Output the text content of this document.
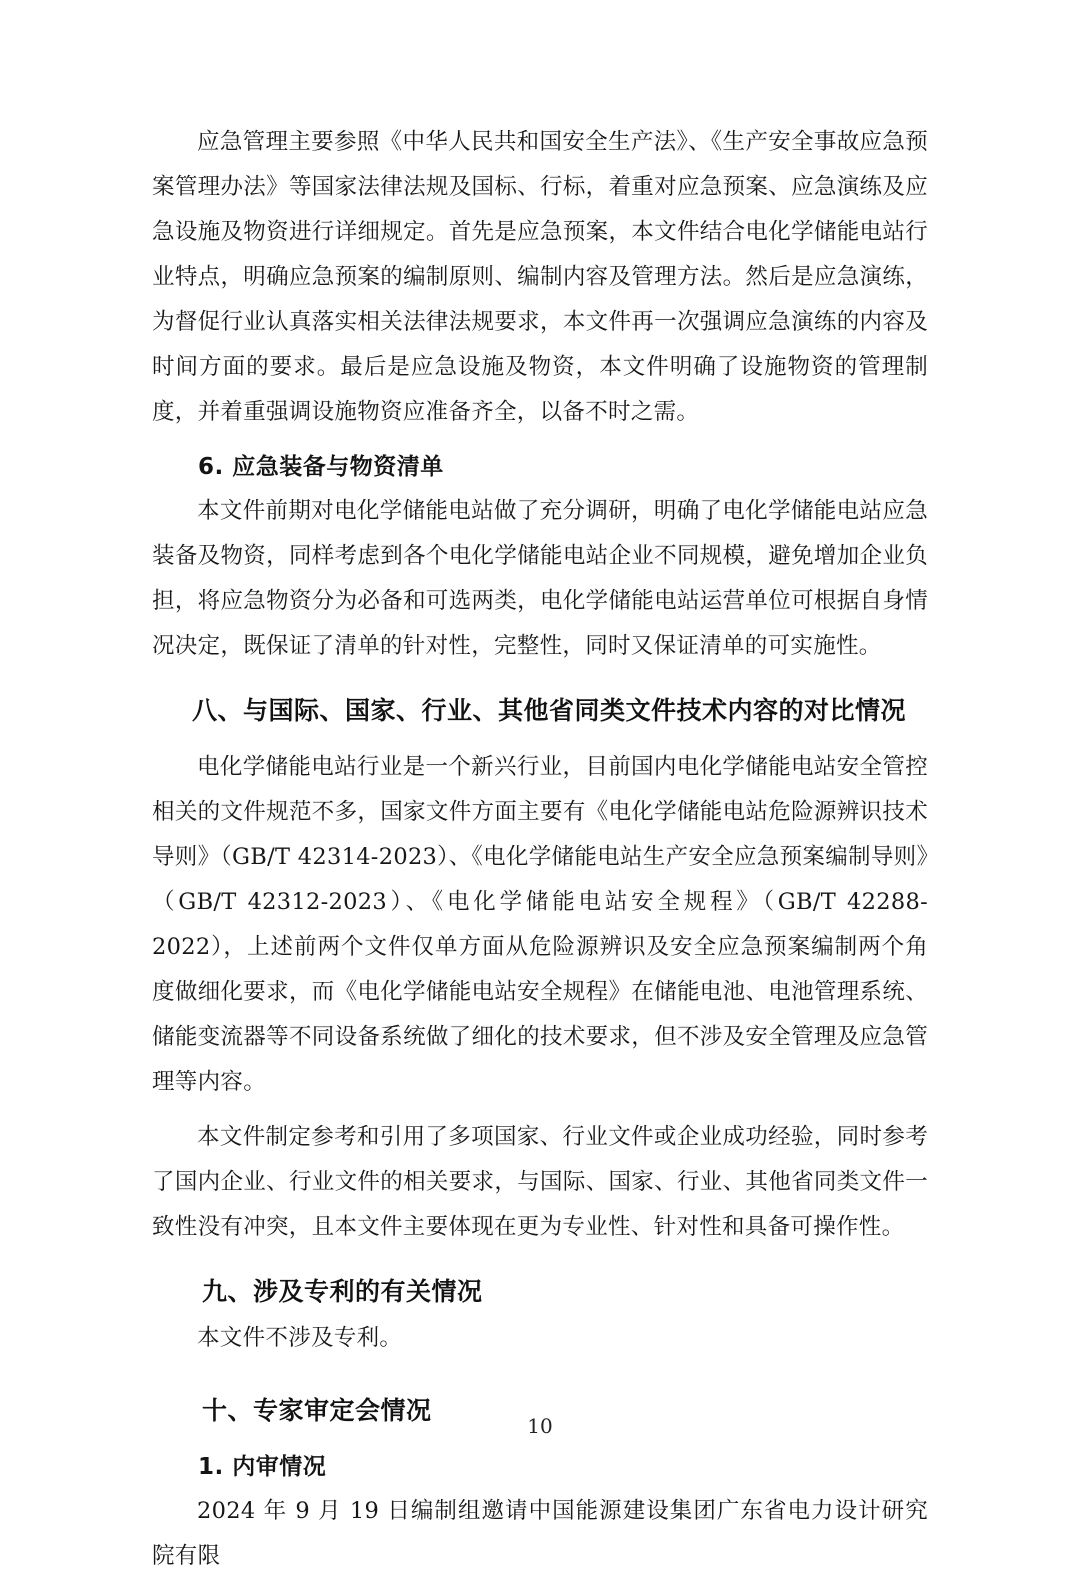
应急管理主要参照《中华人民共和国安全生产法》、《生产安全事故应急预案管理办法》等国家法律法规及国标、行标，着重对应急预案、应急演练及应急设施及物资进行详细规定。首先是应急预案，本文件结合电化学储能电站行业特点，明确应急预案的编制原则、编制内容及管理方法。然后是应急演练，为督促行业认真落实相关法律法规要求，本文件再一次强调应急演练的内容及时间方面的要求。最后是应急设施及物资，本文件明确了设施物资的管理制度，并着重强调设施物资应准备齐全，以备不时之需。

6. 应急装备与物资清单

本文件前期对电化学储能电站做了充分调研，明确了电化学储能电站应急装备及物资，同样考虑到各个电化学储能电站企业不同规模，避免增加企业负担，将应急物资分为必备和可选两类，电化学储能电站运营单位可根据自身情况决定，既保证了清单的针对性，完整性，同时又保证清单的可实施性。

八、与国际、国家、行业、其他省同类文件技术内容的对比情况

电化学储能电站行业是一个新兴行业，目前国内电化学储能电站安全管控相关的文件规范不多，国家文件方面主要有《电化学储能电站危险源辨识技术导则》（GB/T 42314-2023）、《电化学储能电站生产安全应急预案编制导则》（GB/T 42312-2023）、《电化学储能电站安全规程》（GB/T 42288-2022），上述前两个文件仅单方面从危险源辨识及安全应急预案编制两个角度做细化要求，而《电化学储能电站安全规程》在储能电池、电池管理系统、储能变流器等不同设备系统做了细化的技术要求，但不涉及安全管理及应急管理等内容。

本文件制定参考和引用了多项国家、行业文件或企业成功经验，同时参考了国内企业、行业文件的相关要求，与国际、国家、行业、其他省同类文件一致性没有冲突，且本文件主要体现在更为专业性、针对性和具备可操作性。

九、涉及专利的有关情况

本文件不涉及专利。

十、专家审定会情况
1. 内审情况

2024 年 9 月 19 日编制组邀请中国能源建设集团广东省电力设计研究院有限

10
